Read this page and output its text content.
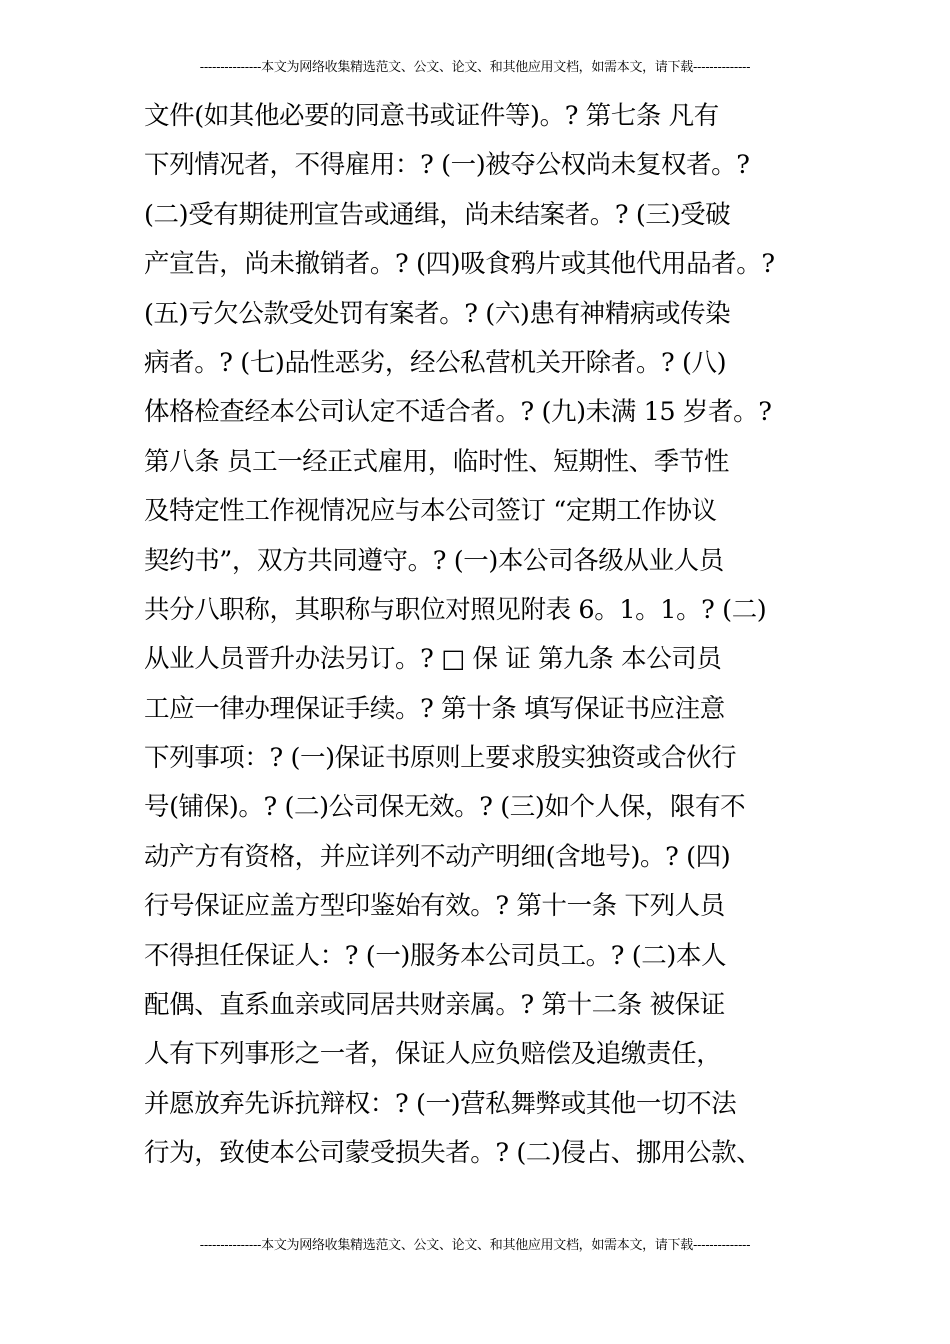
---------------本文为网络收集精选范文、公文、论文、和其他应用文档，如需本文，请下载--------------
文件(如其他必要的同意书或证件等)。? 第七条 凡有
下列情况者，不得雇用：? (一)被夺公权尚未复权者。?
(二)受有期徒刑宣告或通缉，尚未结案者。? (三)受破
产宣告，尚未撤销者。? (四)吸食鸦片或其他代用品者。?
(五)亏欠公款受处罚有案者。? (六)患有神精病或传染
病者。? (七)品性恶劣，经公私营机关开除者。? (八)
体格检查经本公司认定不适合者。? (九)未满 15 岁者。?
第八条 员工一经正式雇用，临时性、短期性、季节性
及特定性工作视情况应与本公司签订 “定期工作协议
契约书”，双方共同遵守。? (一)本公司各级从业人员
共分八职称，其职称与职位对照见附表 6。1。1。? (二)
从业人员晋升办法另订。? □ 保 证 第九条 本公司员
工应一律办理保证手续。? 第十条 填写保证书应注意
下列事项：? (一)保证书原则上要求殷实独资或合伙行
号(铺保)。? (二)公司保无效。? (三)如个人保，限有不
动产方有资格，并应详列不动产明细(含地号)。? (四)
行号保证应盖方型印鉴始有效。? 第十一条 下列人员
不得担任保证人：? (一)服务本公司员工。? (二)本人
配偶、直系血亲或同居共财亲属。? 第十二条 被保证
人有下列事形之一者，保证人应负赔偿及追缴责任，
并愿放弃先诉抗辩权：? (一)营私舞弊或其他一切不法
行为，致使本公司蒙受损失者。? (二)侵占、挪用公款、
---------------本文为网络收集精选范文、公文、论文、和其他应用文档，如需本文，请下载--------------
